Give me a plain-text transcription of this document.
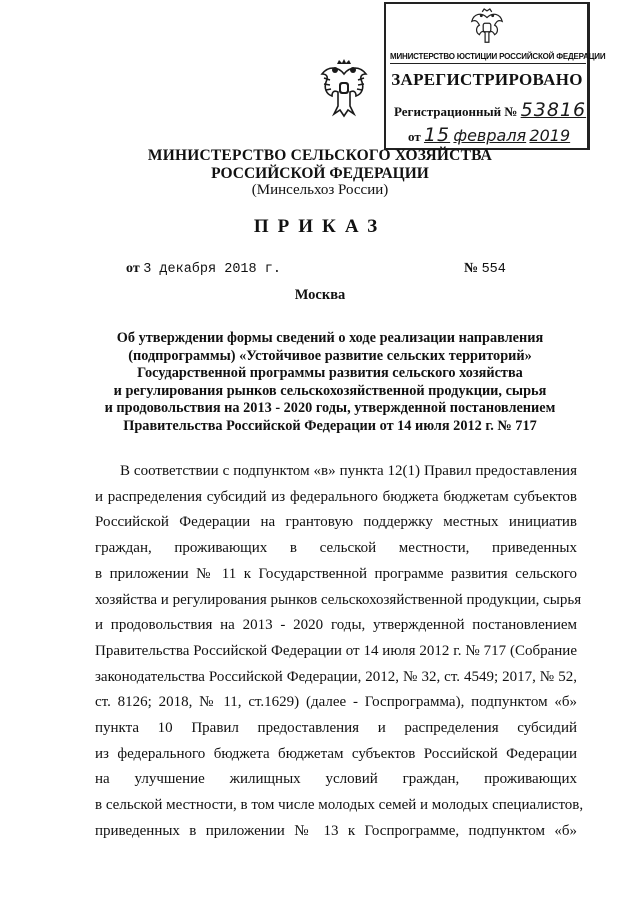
МИНИСТЕРСТВО ЮСТИЦИИ РОССИЙСКОЙ ФЕДЕРАЦИИ
ЗАРЕГИСТРИРОВАНО
Регистрационный № 53816
от 15 февраля 2019
МИНИСТЕРСТВО СЕЛЬСКОГО ХОЗЯЙСТВА
РОССИЙСКОЙ ФЕДЕРАЦИИ
(Минсельхоз России)
ПРИКАЗ
от 3 декабря 2018 г.	№ 554
Москва
Об утверждении формы сведений о ходе реализации направления
(подпрограммы) «Устойчивое развитие сельских территорий»
Государственной программы развития сельского хозяйства
и регулирования рынков сельскохозяйственной продукции, сырья
и продовольствия на 2013 - 2020 годы, утвержденной постановлением
Правительства Российской Федерации от 14 июля 2012 г. № 717
В соответствии с подпунктом «в» пункта 12(1) Правил предоставления
и распределения субсидий из федерального бюджета бюджетам субъектов
Российской Федерации на грантовую поддержку местных инициатив
граждан, проживающих в сельской местности, приведенных
в приложении № 11 к Государственной программе развития сельского
хозяйства и регулирования рынков сельскохозяйственной продукции, сырья
и продовольствия на 2013 - 2020 годы, утвержденной постановлением
Правительства Российской Федерации от 14 июля 2012 г. № 717 (Собрание
законодательства Российской Федерации, 2012, № 32, ст. 4549; 2017, № 52,
ст. 8126; 2018, № 11, ст.1629) (далее - Госпрограмма), подпунктом «б»
пункта 10 Правил предоставления и распределения субсидий
из федерального бюджета бюджетам субъектов Российской Федерации
на улучшение жилищных условий граждан, проживающих
в сельской местности, в том числе молодых семей и молодых специалистов,
приведенных в приложении № 13 к Госпрограмме, подпунктом «б»
